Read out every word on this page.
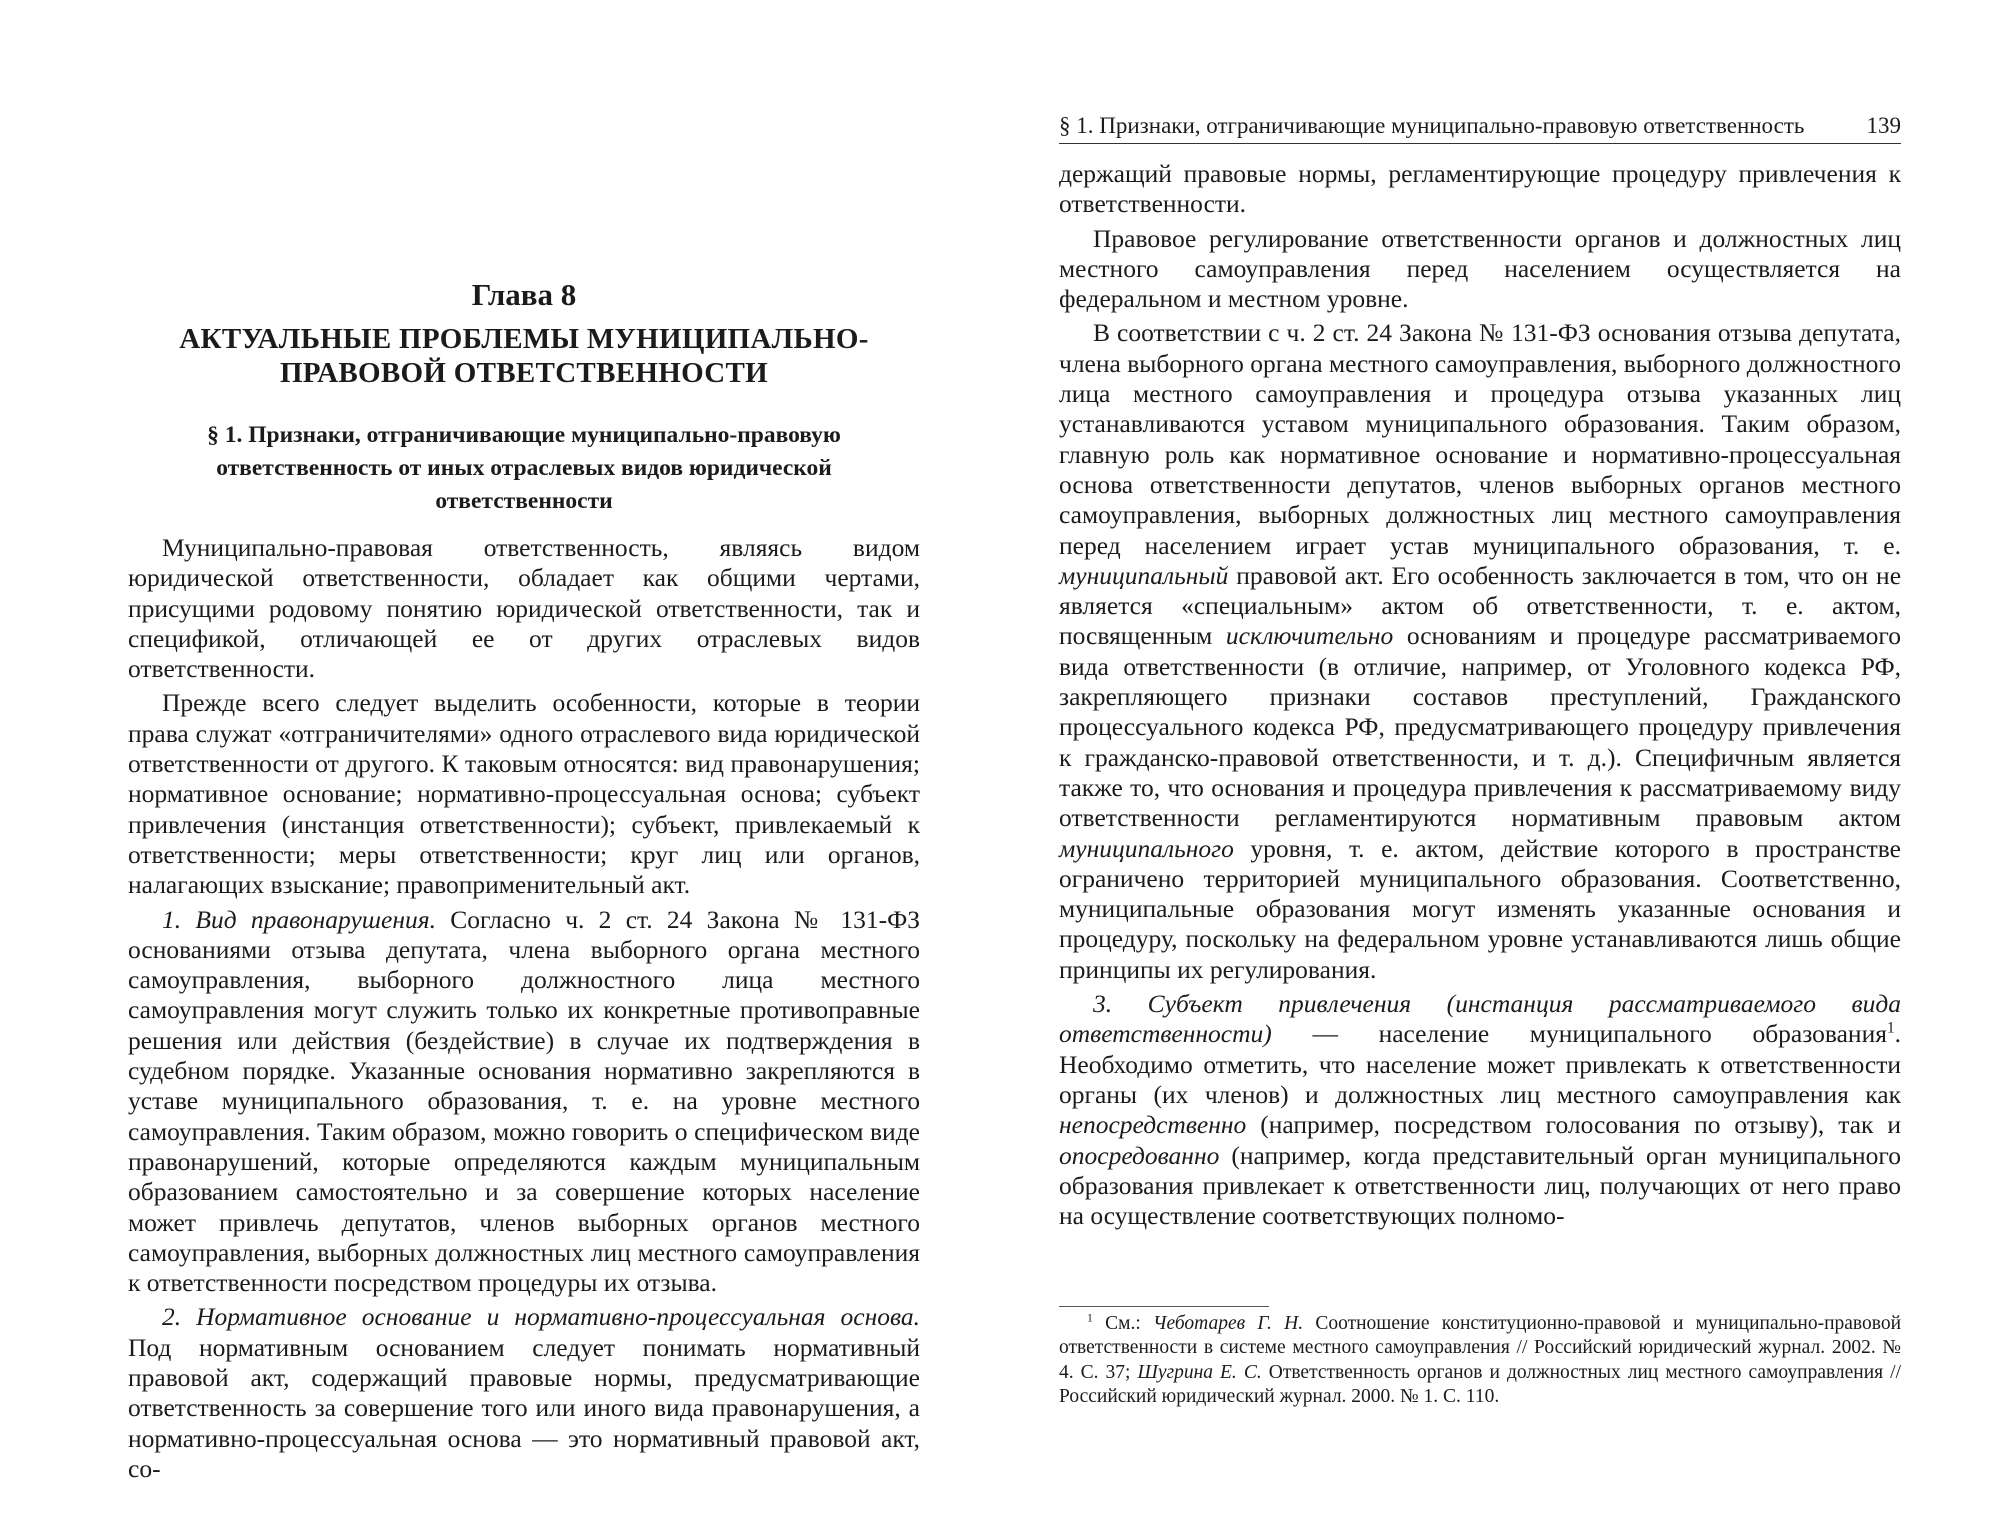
Глава 8
АКТУАЛЬНЫЕ ПРОБЛЕМЫ МУНИЦИПАЛЬНО-ПРАВОВОЙ ОТВЕТСТВЕННОСТИ
§ 1. Признаки, отграничивающие муниципально-правовую ответственность от иных отраслевых видов юридической ответственности

Муниципально-правовая ответственность, являясь видом юридической ответственности, обладает как общими чертами, присущими родовому понятию юридической ответственности, так и спецификой, отличающей ее от других отраслевых видов ответственности.

Прежде всего следует выделить особенности, которые в теории права служат «отграничителями» одного отраслевого вида юридической ответственности от другого. К таковым относятся: вид правонарушения; нормативное основание; нормативно-процессуальная основа; субъект привлечения (инстанция ответственности); субъект, привлекаемый к ответственности; меры ответственности; круг лиц или органов, налагающих взыскание; правоприменительный акт.

1. Вид правонарушения. Согласно ч. 2 ст. 24 Закона № 131-ФЗ основаниями отзыва депутата, члена выборного органа местного самоуправления, выборного должностного лица местного самоуправления могут служить только их конкретные противоправные решения или действия (бездействие) в случае их подтверждения в судебном порядке. Указанные основания нормативно закрепляются в уставе муниципального образования, т. е. на уровне местного самоуправления. Таким образом, можно говорить о специфическом виде правонарушений, которые определяются каждым муниципальным образованием самостоятельно и за совершение которых население может привлечь депутатов, членов выборных органов местного самоуправления, выборных должностных лиц местного самоуправления к ответственности посредством процедуры их отзыва.

2. Нормативное основание и нормативно-процессуальная основа. Под нормативным основанием следует понимать нормативный правовой акт, содержащий правовые нормы, предусматривающие ответственность за совершение того или иного вида правонарушения, а нормативно-процессуальная основа — это нормативный правовой акт, со-

§ 1. Признаки, отграничивающие муниципально-правовую ответственность	139

держащий правовые нормы, регламентирующие процедуру привлечения к ответственности.

Правовое регулирование ответственности органов и должностных лиц местного самоуправления перед населением осуществляется на федеральном и местном уровне.

В соответствии с ч. 2 ст. 24 Закона № 131-ФЗ основания отзыва депутата, члена выборного органа местного самоуправления, выборного должностного лица местного самоуправления и процедура отзыва указанных лиц устанавливаются уставом муниципального образования. Таким образом, главную роль как нормативное основание и нормативно-процессуальная основа ответственности депутатов, членов выборных органов местного самоуправления, выборных должностных лиц местного самоуправления перед населением играет устав муниципального образования, т. е. муниципальный правовой акт. Его особенность заключается в том, что он не является «специальным» актом об ответственности, т. е. актом, посвященным исключительно основаниям и процедуре рассматриваемого вида ответственности (в отличие, например, от Уголовного кодекса РФ, закрепляющего признаки составов преступлений, Гражданского процессуального кодекса РФ, предусматривающего процедуру привлечения к гражданско-правовой ответственности, и т. д.). Специфичным является также то, что основания и процедура привлечения к рассматриваемому виду ответственности регламентируются нормативным правовым актом муниципального уровня, т. е. актом, действие которого в пространстве ограничено территорией муниципального образования. Соответственно, муниципальные образования могут изменять указанные основания и процедуру, поскольку на федеральном уровне устанавливаются лишь общие принципы их регулирования.

3. Субъект привлечения (инстанция рассматриваемого вида ответственности) — население муниципального образования$^1$. Необходимо отметить, что население может привлекать к ответственности органы (их членов) и должностных лиц местного самоуправления как непосредственно (например, посредством голосования по отзыву), так и опосредованно (например, когда представительный орган муниципального образования привлекает к ответственности лиц, получающих от него право на осуществление соответствующих полномо-

$^1$ См.: Чеботарев Г. Н. Соотношение конституционно-правовой и муниципально-правовой ответственности в системе местного самоуправления // Российский юридический журнал. 2002. № 4. С. 37; Шугрина Е. С. Ответственность органов и должностных лиц местного самоуправления // Российский юридический журнал. 2000. № 1. С. 110.
